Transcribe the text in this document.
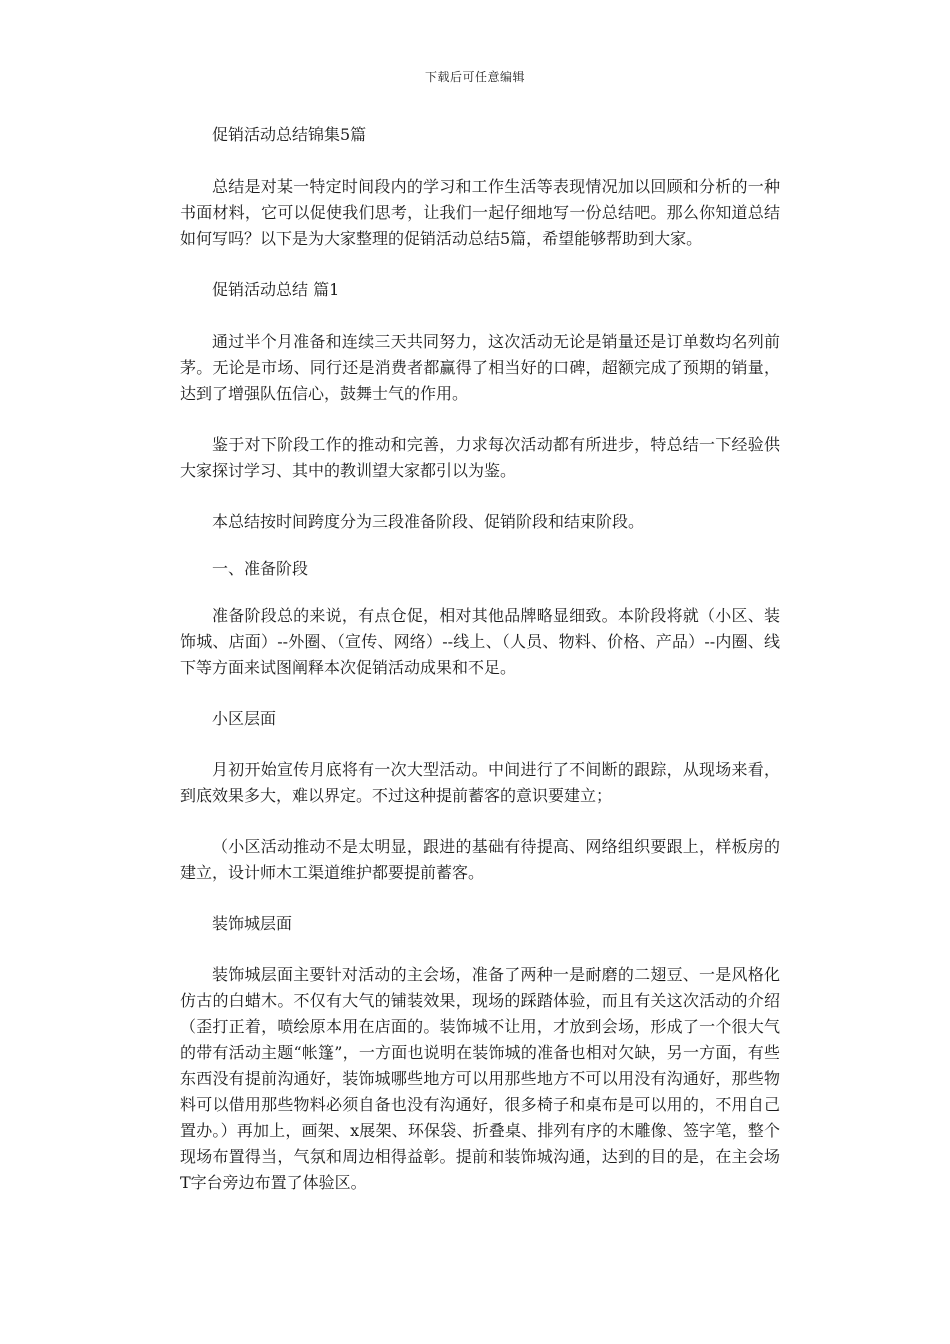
下载后可任意编辑

促销活动总结锦集5篇

总结是对某一特定时间段内的学习和工作生活等表现情况加以回顾和分析的一种书面材料，它可以促使我们思考，让我们一起仔细地写一份总结吧。那么你知道总结如何写吗？以下是为大家整理的促销活动总结5篇，希望能够帮助到大家。

促销活动总结 篇1

通过半个月准备和连续三天共同努力，这次活动无论是销量还是订单数均名列前茅。无论是市场、同行还是消费者都赢得了相当好的口碑，超额完成了预期的销量，达到了增强队伍信心，鼓舞士气的作用。

鉴于对下阶段工作的推动和完善，力求每次活动都有所进步，特总结一下经验供大家探讨学习、其中的教训望大家都引以为鉴。

本总结按时间跨度分为三段准备阶段、促销阶段和结束阶段。

一、准备阶段

准备阶段总的来说，有点仓促，相对其他品牌略显细致。本阶段将就（小区、装饰城、店面）--外圈、（宣传、网络）--线上、（人员、物料、价格、产品）--内圈、线下等方面来试图阐释本次促销活动成果和不足。

小区层面

月初开始宣传月底将有一次大型活动。中间进行了不间断的跟踪，从现场来看，到底效果多大，难以界定。不过这种提前蓄客的意识要建立；

（小区活动推动不是太明显，跟进的基础有待提高、网络组织要跟上，样板房的建立，设计师木工渠道维护都要提前蓄客。

装饰城层面

装饰城层面主要针对活动的主会场，准备了两种一是耐磨的二翅豆、一是风格化仿古的白蜡木。不仅有大气的铺装效果，现场的踩踏体验，而且有关这次活动的介绍（歪打正着，喷绘原本用在店面的。装饰城不让用，才放到会场，形成了一个很大气的带有活动主题“帐篷”，一方面也说明在装饰城的准备也相对欠缺，另一方面，有些东西没有提前沟通好，装饰城哪些地方可以用那些地方不可以用没有沟通好，那些物料可以借用那些物料必须自备也没有沟通好，很多椅子和桌布是可以用的，不用自己置办。）再加上，画架、x展架、环保袋、折叠桌、排列有序的木雕像、签字笔，整个现场布置得当，气氛和周边相得益彰。提前和装饰城沟通，达到的目的是，在主会场T字台旁边布置了体验区。
